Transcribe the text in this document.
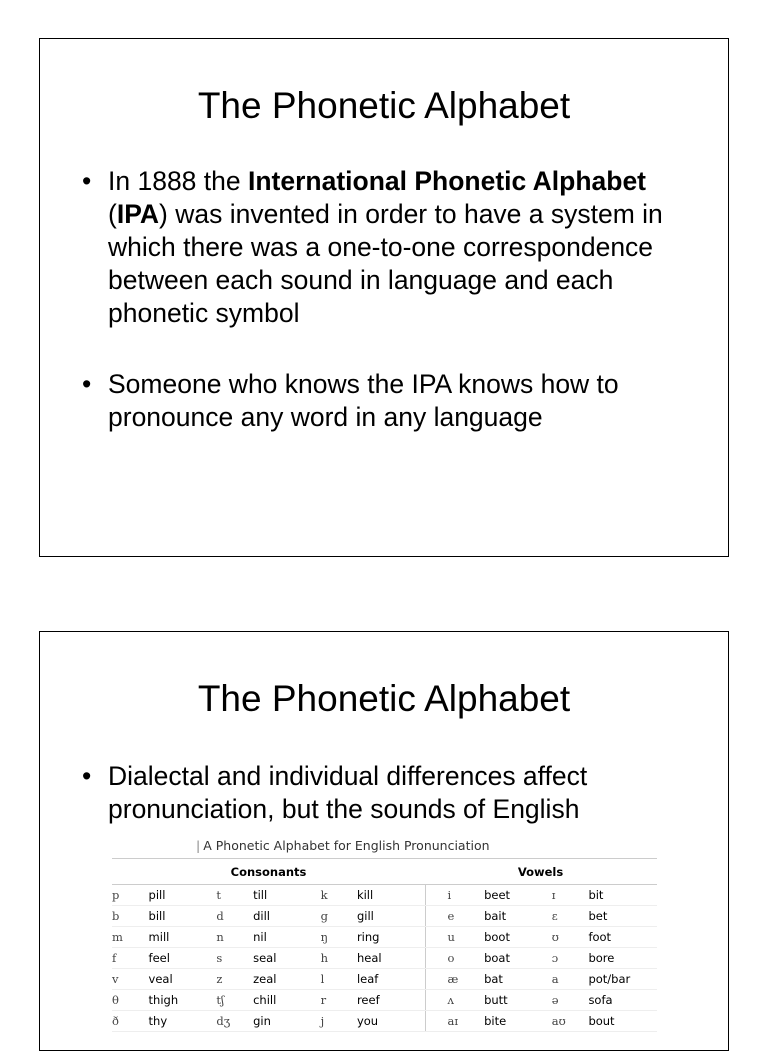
The Phonetic Alphabet
• In 1888 the International Phonetic Alphabet (IPA) was invented in order to have a system in which there was a one-to-one correspondence between each sound in language and each phonetic symbol
• Someone who knows the IPA knows how to pronounce any word in any language
The Phonetic Alphabet
• Dialectal and individual differences affect pronunciation, but the sounds of English
| A Phonetic Alphabet for English Pronunciation
Consonants						Vowels			
p	pill	t	till	k	kill	i	beet	ɪ	bit
b	bill	d	dill	g	gill	e	bait	ɛ	bet
m	mill	n	nil	ŋ	ring	u	boot	ʊ	foot
f	feel	s	seal	h	heal	o	boat	ɔ	bore
v	veal	z	zeal	l	leaf	æ	bat	a	pot/bar
θ	thigh	tʃ	chill	r	reef	ʌ	butt	ə	sofa
ð	thy	dʒ	gin	j	you	aɪ	bite	aʊ	bout
